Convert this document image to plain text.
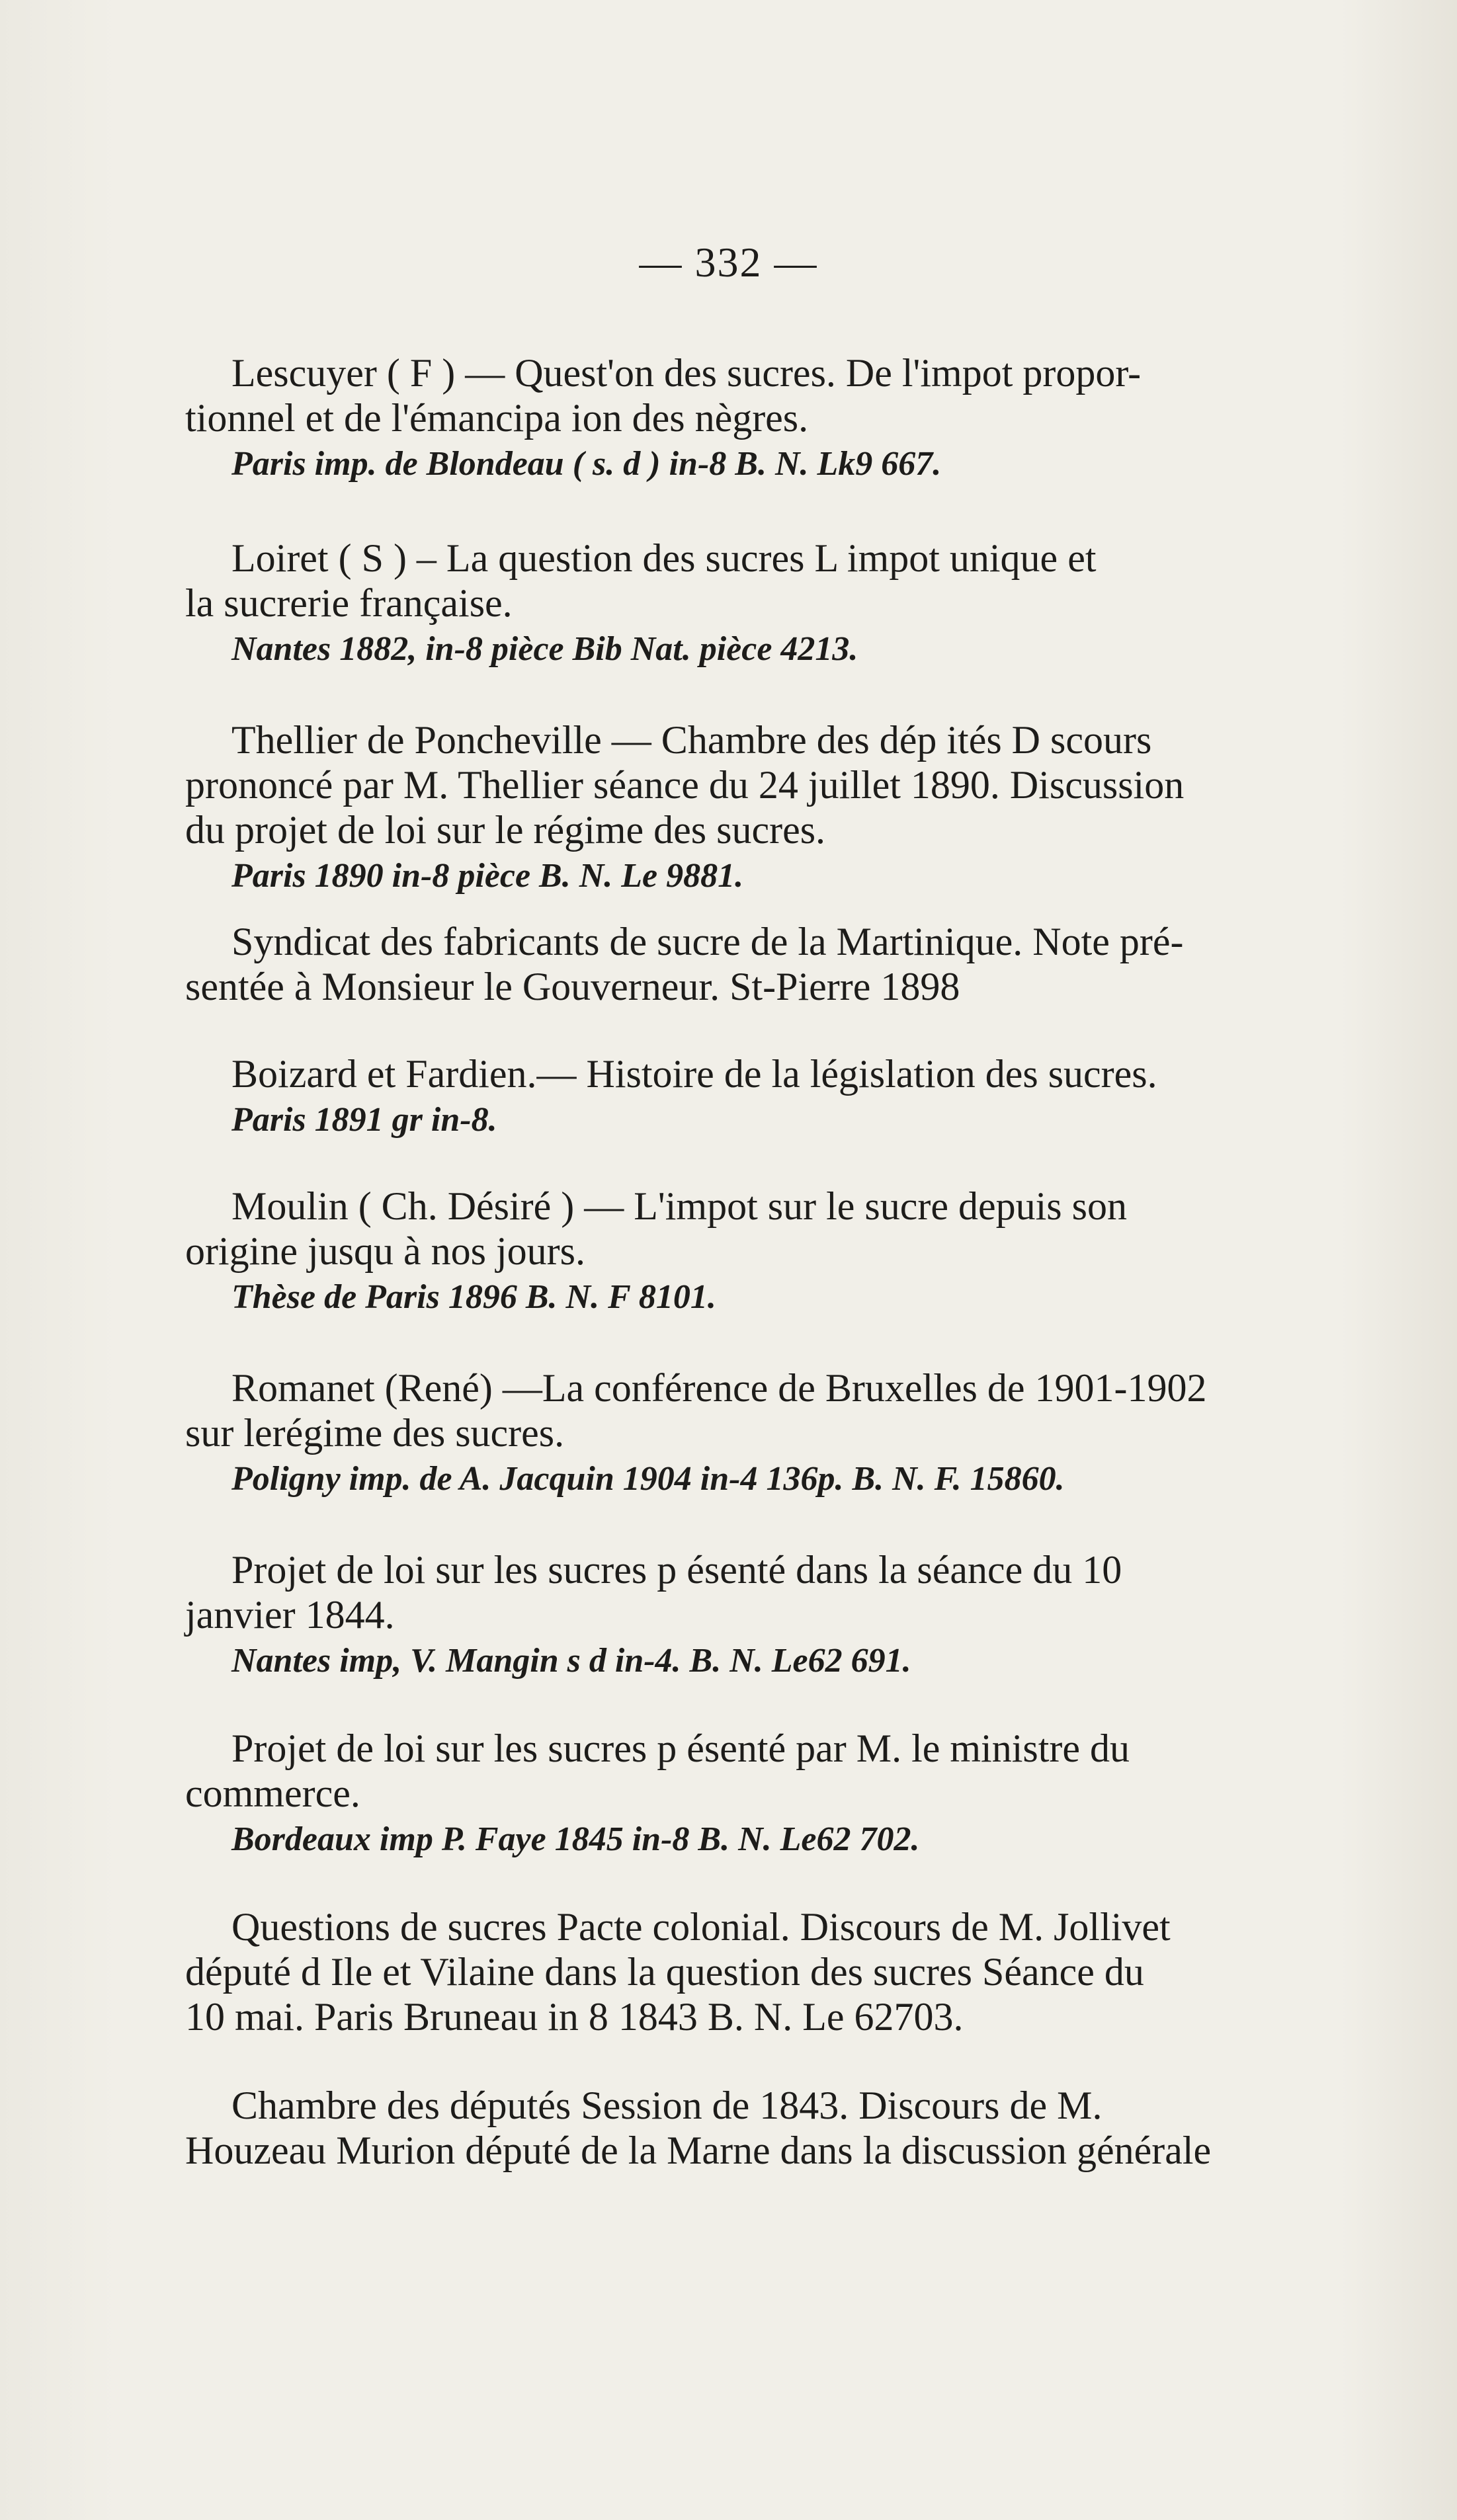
— 332 —
Lescuyer ( F ) — Quest'on des sucres. De l'impot propor-
tionnel et de l'émancipa ion des nègres.
Paris imp. de Blondeau ( s. d ) in-8 B. N. Lk9 667.
Loiret ( S ) – La question des sucres L impot unique et
la sucrerie française.
Nantes 1882, in-8 pièce Bib Nat. pièce 4213.
Thellier de Poncheville — Chambre des dép ités D scours
prononcé par M. Thellier séance du 24 juillet 1890. Discussion
du projet de loi sur le régime des sucres.
Paris 1890 in-8 pièce B. N. Le 9881.
Syndicat des fabricants de sucre de la Martinique. Note pré-
sentée à Monsieur le Gouverneur. St-Pierre 1898
Boizard et Fardien.— Histoire de la législation des sucres.
Paris 1891 gr in-8.
Moulin ( Ch. Désiré ) — L'impot sur le sucre depuis son
origine jusqu à nos jours.
Thèse de Paris 1896 B. N. F 8101.
Romanet (René) —La conférence de Bruxelles de 1901-1902
sur lerégime des sucres.
Poligny imp. de A. Jacquin 1904 in-4 136p. B. N. F. 15860.
Projet de loi sur les sucres p ésenté dans la séance du 10
janvier 1844.
Nantes imp, V. Mangin s d in-4. B. N. Le62 691.
Projet de loi sur les sucres p ésenté par M. le ministre du
commerce.
Bordeaux imp P. Faye 1845 in-8 B. N. Le62 702.
Questions de sucres Pacte colonial. Discours de M. Jollivet
député d Ile et Vilaine dans la question des sucres Séance du
10 mai. Paris Bruneau in 8 1843 B. N. Le 62703.
Chambre des députés Session de 1843. Discours de M.
Houzeau Murion député de la Marne dans la discussion générale
